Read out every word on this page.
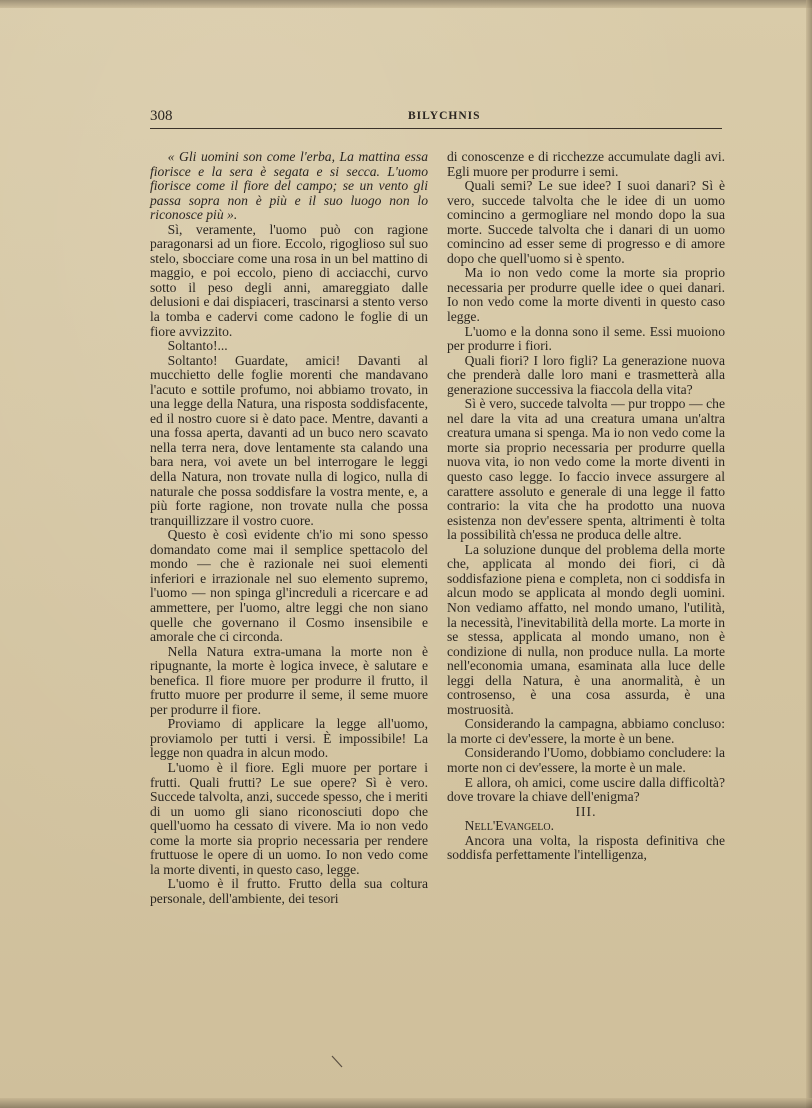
308	BILYCHNIS

« Gli uomini son come l'erba, La mattina essa fiorisce e la sera è segata e si secca. L'uomo fiorisce come il fiore del campo; se un vento gli passa sopra non è più e il suo luogo non lo riconosce più ».

Sì, veramente, l'uomo può con ragione paragonarsi ad un fiore. Eccolo, rigoglioso sul suo stelo, sbocciare come una rosa in un bel mattino di maggio, e poi eccolo, pieno di acciacchi, curvo sotto il peso degli anni, amareggiato dalle delusioni e dai dispiaceri, trascinarsi a stento verso la tomba e cadervi come cadono le foglie di un fiore avvizzito.

Soltanto!...

Soltanto! Guardate, amici! Davanti al mucchietto delle foglie morenti che mandavano l'acuto e sottile profumo, noi abbiamo trovato, in una legge della Natura, una risposta soddisfacente, ed il nostro cuore si è dato pace. Mentre, davanti a una fossa aperta, davanti ad un buco nero scavato nella terra nera, dove lentamente sta calando una bara nera, voi avete un bel interrogare le leggi della Natura, non trovate nulla di logico, nulla di naturale che possa soddisfare la vostra mente, e, a più forte ragione, non trovate nulla che possa tranquillizzare il vostro cuore.

Questo è così evidente ch'io mi sono spesso domandato come mai il semplice spettacolo del mondo — che è razionale nei suoi elementi inferiori e irrazionale nel suo elemento supremo, l'uomo — non spinga gl'increduli a ricercare e ad ammettere, per l'uomo, altre leggi che non siano quelle che governano il Cosmo insensibile e amorale che ci circonda.

Nella Natura extra-umana la morte non è ripugnante, la morte è logica invece, è salutare e benefica. Il fiore muore per produrre il frutto, il frutto muore per produrre il seme, il seme muore per produrre il fiore.

Proviamo di applicare la legge all'uomo, proviamolo per tutti i versi. È impossibile! La legge non quadra in alcun modo.

L'uomo è il fiore. Egli muore per portare i frutti. Quali frutti? Le sue opere? Sì è vero. Succede talvolta, anzi, succede spesso, che i meriti di un uomo gli siano riconosciuti dopo che quell'uomo ha cessato di vivere. Ma io non vedo come la morte sia proprio necessaria per rendere fruttuose le opere di un uomo. Io non vedo come la morte diventi, in questo caso, legge.

L'uomo è il frutto. Frutto della sua coltura personale, dell'ambiente, dei tesori

di conoscenze e di ricchezze accumulate dagli avi. Egli muore per produrre i semi.

Quali semi? Le sue idee? I suoi danari? Sì è vero, succede talvolta che le idee di un uomo comincino a germogliare nel mondo dopo la sua morte. Succede talvolta che i danari di un uomo comincino ad esser seme di progresso e di amore dopo che quell'uomo si è spento.

Ma io non vedo come la morte sia proprio necessaria per produrre quelle idee o quei danari. Io non vedo come la morte diventi in questo caso legge.

L'uomo e la donna sono il seme. Essi muoiono per produrre i fiori.

Quali fiori? I loro figli? La generazione nuova che prenderà dalle loro mani e trasmetterà alla generazione successiva la fiaccola della vita?

Sì è vero, succede talvolta — pur troppo — che nel dare la vita ad una creatura umana un'altra creatura umana si spenga. Ma io non vedo come la morte sia proprio necessaria per produrre quella nuova vita, io non vedo come la morte diventi in questo caso legge. Io faccio invece assurgere al carattere assoluto e generale di una legge il fatto contrario: la vita che ha prodotto una nuova esistenza non dev'essere spenta, altrimenti è tolta la possibilità ch'essa ne produca delle altre.

La soluzione dunque del problema della morte che, applicata al mondo dei fiori, ci dà soddisfazione piena e completa, non ci soddisfa in alcun modo se applicata al mondo degli uomini. Non vediamo affatto, nel mondo umano, l'utilità, la necessità, l'inevitabilità della morte. La morte in se stessa, applicata al mondo umano, non è condizione di nulla, non produce nulla. La morte nell'economia umana, esaminata alla luce delle leggi della Natura, è una anormalità, è un controsenso, è una cosa assurda, è una mostruosità.

Considerando la campagna, abbiamo concluso: la morte ci dev'essere, la morte è un bene.

Considerando l'Uomo, dobbiamo concludere: la morte non ci dev'essere, la morte è un male.

E allora, oh amici, come uscire dalla difficoltà? dove trovare la chiave dell'enigma?

III.

Nell'Evangelo.

Ancora una volta, la risposta definitiva che soddisfa perfettamente l'intelligenza,
